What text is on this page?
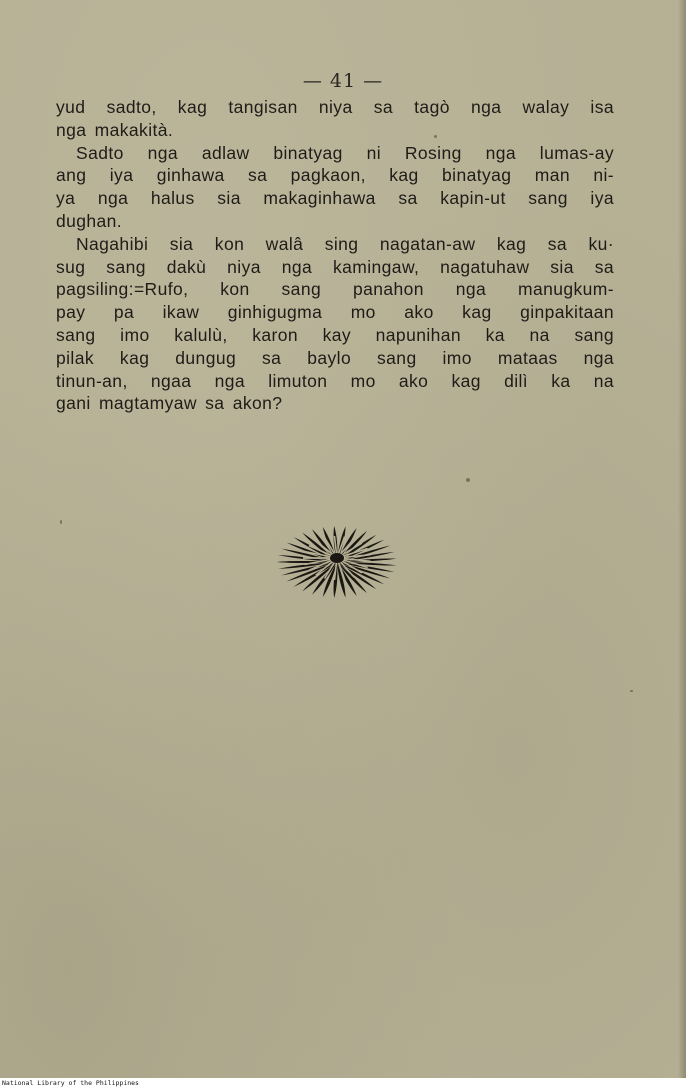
— 41 —
yud sadto, kag tangisan niya sa tagò nga walay isa
nga makakità.
Sadto nga adlaw binatyag ni Rosing nga lumas-ay
ang iya ginhawa sa pagkaon, kag binatyag man ni-
ya nga halus sia makaginhawa sa kapin-ut sang iya
dughan.
Nagahibi sia kon walâ sing nagatan-aw kag sa ku·
sug sang dakù niya nga kamingaw, nagatuhaw sia sa
pagsiling:=Rufo, kon sang panahon nga manugkum-
pay pa ikaw ginhigugma mo ako kag ginpakitaan
sang imo kalulù, karon kay napunihan ka na sang
pilak kag dungug sa baylo sang imo mataas nga
tinun-an, ngaa nga limuton mo ako kag dilì ka na
gani magtamyaw sa akon?
National Library of the Philippines
